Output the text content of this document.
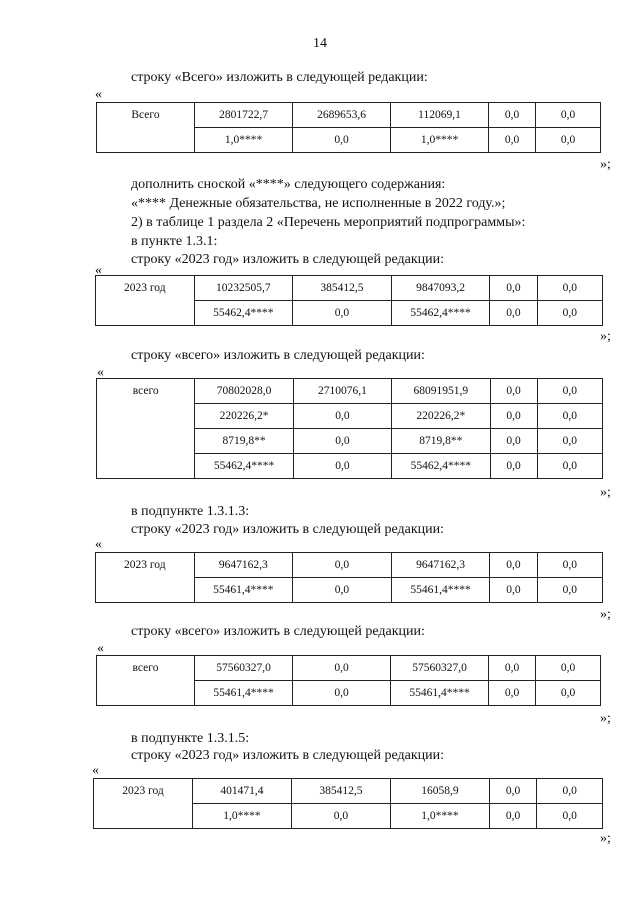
14
строку «Всего» изложить в следующей редакции:
«
Всего	2801722,7	2689653,6	112069,1	0,0	0,0
	1,0****	0,0	1,0****	0,0	0,0
»;
дополнить сноской «****» следующего содержания:
«**** Денежные обязательства, не исполненные в 2022 году.»;
2) в таблице 1 раздела 2 «Перечень мероприятий подпрограммы»:
в пункте 1.3.1:
строку «2023 год» изложить в следующей редакции:
«
2023 год	10232505,7	385412,5	9847093,2	0,0	0,0
	55462,4****	0,0	55462,4****	0,0	0,0
»;
строку «всего» изложить в следующей редакции:
«
всего	70802028,0	2710076,1	68091951,9	0,0	0,0
	220226,2*	0,0	220226,2*	0,0	0,0
	8719,8**	0,0	8719,8**	0,0	0,0
	55462,4****	0,0	55462,4****	0,0	0,0
»;
в подпункте 1.3.1.3:
строку «2023 год» изложить в следующей редакции:
«
2023 год	9647162,3	0,0	9647162,3	0,0	0,0
	55461,4****	0,0	55461,4****	0,0	0,0
»;
строку «всего» изложить в следующей редакции:
«
всего	57560327,0	0,0	57560327,0	0,0	0,0
	55461,4****	0,0	55461,4****	0,0	0,0
»;
в подпункте 1.3.1.5:
строку «2023 год» изложить в следующей редакции:
«
2023 год	401471,4	385412,5	16058,9	0,0	0,0
	1,0****	0,0	1,0****	0,0	0,0
»;
